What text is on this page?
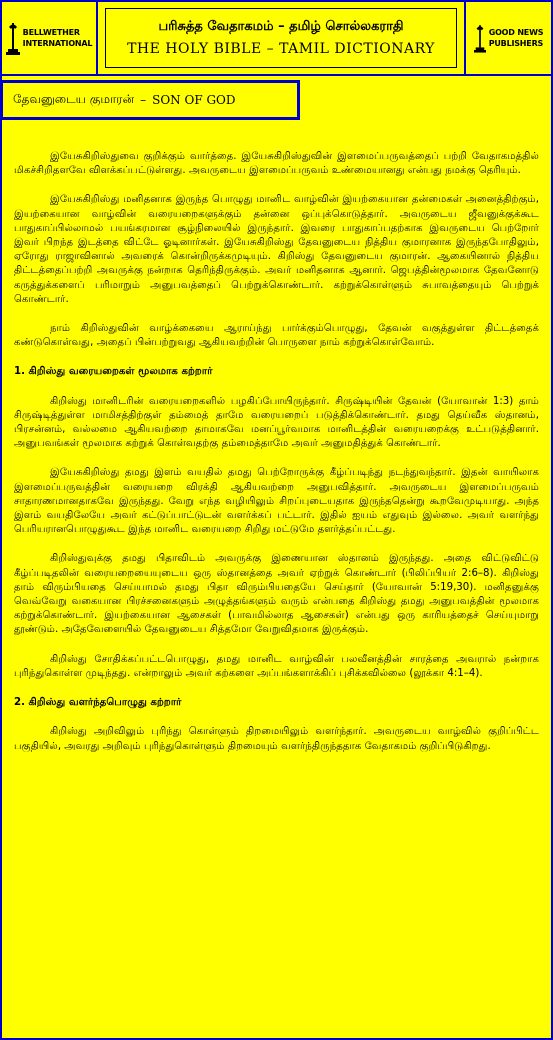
BELLWETHER
INTERNATIONAL
பரிசுத்த வேதாகமம் – தமிழ் சொல்லகராதி
THE HOLY BIBLE – TAMIL DICTIONARY
GOOD NEWS
PUBLISHERS
தேவனுடைய குமாரன் – SON OF GOD

இயேசுகிறிஸ்துவை குறிக்கும் வார்த்தை. இயேசுகிறிஸ்துவின் இளமைப்பருவத்தைப் பற்றி வேதாகமத்தில் மிகச்சிறிதளவே விளக்கப்பட்டுள்ளது. அவருடைய இளமைப்பருவம் உண்மையானது என்பது நமக்கு தெரியும்.

இயேசுகிறிஸ்து மனிதனாக இருந்த பொழுது மானிட வாழ்வின் இயற்கையான தன்மைகள் அனைத்திற்கும், இயற்கையான வாழ்வின் வரையறைகளுக்கும் தன்னை ஒப்புக்கொடுத்தார். அவருடைய ஜீவனுக்குக்கூட பாதுகாப்பில்லாமல் பயங்கரமான சூழ்நிலையில் இருந்தார். இவரை பாதுகாப்பதற்காக இவருடைய பெற்றோர் இவர் பிறந்த இடத்தை விட்டே ஓடினார்கள். இயேசுகிறிஸ்து தேவனுடைய நித்திய குமாரனாக இருந்தபோதிலும், ஏரோது ராஜாவினால் அவரைக் கொன்றிருக்கமுடியும். கிறிஸ்து தேவனுடைய குமாரன். ஆகையினால் நித்திய திட்டத்தைப்பற்றி அவருக்கு நன்றாக தெரிந்திருக்கும். அவர் மனிதனாக ஆனார். ஜெபத்தின்மூலமாக தேவனோடு கருத்துக்களைப் பரிமாறும் அனுபவத்தைப் பெற்றுக்கொண்டார். கற்றுக்கொள்ளும் சுபாவத்தையும் பெற்றுக் கொண்டார்.

நாம் கிறிஸ்துவின் வாழ்க்கையை ஆராய்ந்து பார்க்கும்பொழுது, தேவன் வகுத்துள்ள திட்டத்தைக் கண்டுகொள்வது, அதைப் பின்பற்றுவது ஆகியவற்றின் பொருளை நாம் கற்றுக்கொள்வோம்.

1. கிறிஸ்து வரையறைகள் மூலமாக கற்றார்

கிறிஸ்து மானிடரின் வரையறைகளில் பழகிப்போயிருந்தார். சிருஷ்டியின் தேவன் (யோவான் 1:3) தாம் சிருஷ்டித்துள்ள மாமிசத்திற்குள் தம்மைத் தாமே வரையறைப் படுத்திக்கொண்டார். தமது தெய்வீக ஸ்தானம், பிரசன்னம், வல்லமை ஆகியவற்றை தாமாகவே மனப்பூர்வமாக மானிடத்தின் வரையறைக்கு உட்படுத்தினார். அனுபவங்கள் மூலமாக கற்றுக் கொள்வதற்கு தம்மைத்தாமே அவர் அனுமதித்துக் கொண்டார்.

இயேசுகிறிஸ்து தமது இளம் வயதில் தமது பெற்றோருக்கு கீழ்ப்படிந்து நடந்துவந்தார். இதன் வாயிலாக இளமைப்பருவத்தின் வரையறை விரக்தி ஆகியவற்றை அனுபவித்தார். அவருடைய இளமைப்பருவம் சாதாரணமானதாகவே இருந்தது. வேறு எந்த வழியிலும் சிறப்புடையதாக இருந்ததென்று கூறவேமுடியாது. அந்த இளம் வயதிலேயே அவர் கட்டுப்பாட்டுடன் வளர்க்கப் பட்டார். இதில் ஐயம் எதுவும் இல்லை. அவர் வளர்ந்து பெரியரானபொழுதுகூட இந்த மானிட வரையறை சிறிது மட்டுமே தளர்த்தப்பட்டது.

கிறிஸ்துவுக்கு தமது பிதாவிடம் அவருக்கு இணையான ஸ்தானம் இருந்தது. அதை விட்டுவிட்டு கீழ்ப்படிதலின் வரையறையையுடைய ஒரு ஸ்தானத்தை அவர் ஏற்றுக் கொண்டார் (பிலிப்பியர் 2:6–8). கிறிஸ்து தாம் விரும்பியதை செய்யாமல் தமது பிதா விரும்பியதையே செய்தார் (யோவான் 5:19,30). மனிதனுக்கு வெவ்வேறு வகையான பிரச்சனைகளும் அழுத்தங்களும் வரும் என்பதை கிறிஸ்து தமது அனுபவத்தின் மூலமாக கற்றுக்கொண்டார். இயற்கையான ஆசைகள் (பாவமில்லாத ஆசைகள்) என்பது ஒரு காரியத்தைச் செய்யுமாறு தூண்டும். அதேவேளையில் தேவனுடைய சித்தமோ வேறுவிதமாக இருக்கும்.

கிறிஸ்து சோதிக்கப்பட்டபொழுது, தமது மானிட வாழ்வின் பலவீனத்தின் சாரத்தை அவரால் நன்றாக புரிந்துகொள்ள முடிந்தது. என்றாலும் அவர் கற்களை அப்பங்களாக்கிப் புசிக்கவில்லை (லூக்கா 4:1–4).

2. கிறிஸ்து வளர்ந்தபொழுது கற்றார்

கிறிஸ்து அறிவிலும் புரிந்து கொள்ளும் திறமையிலும் வளர்ந்தார். அவருடைய வாழ்வில் குறிப்பிட்ட பகுதியில், அவரது அறிவும் புரிந்துகொள்ளும் திறமையும் வளர்ந்திருந்ததாக வேதாகமம் குறிப்பிடுகிறது.
